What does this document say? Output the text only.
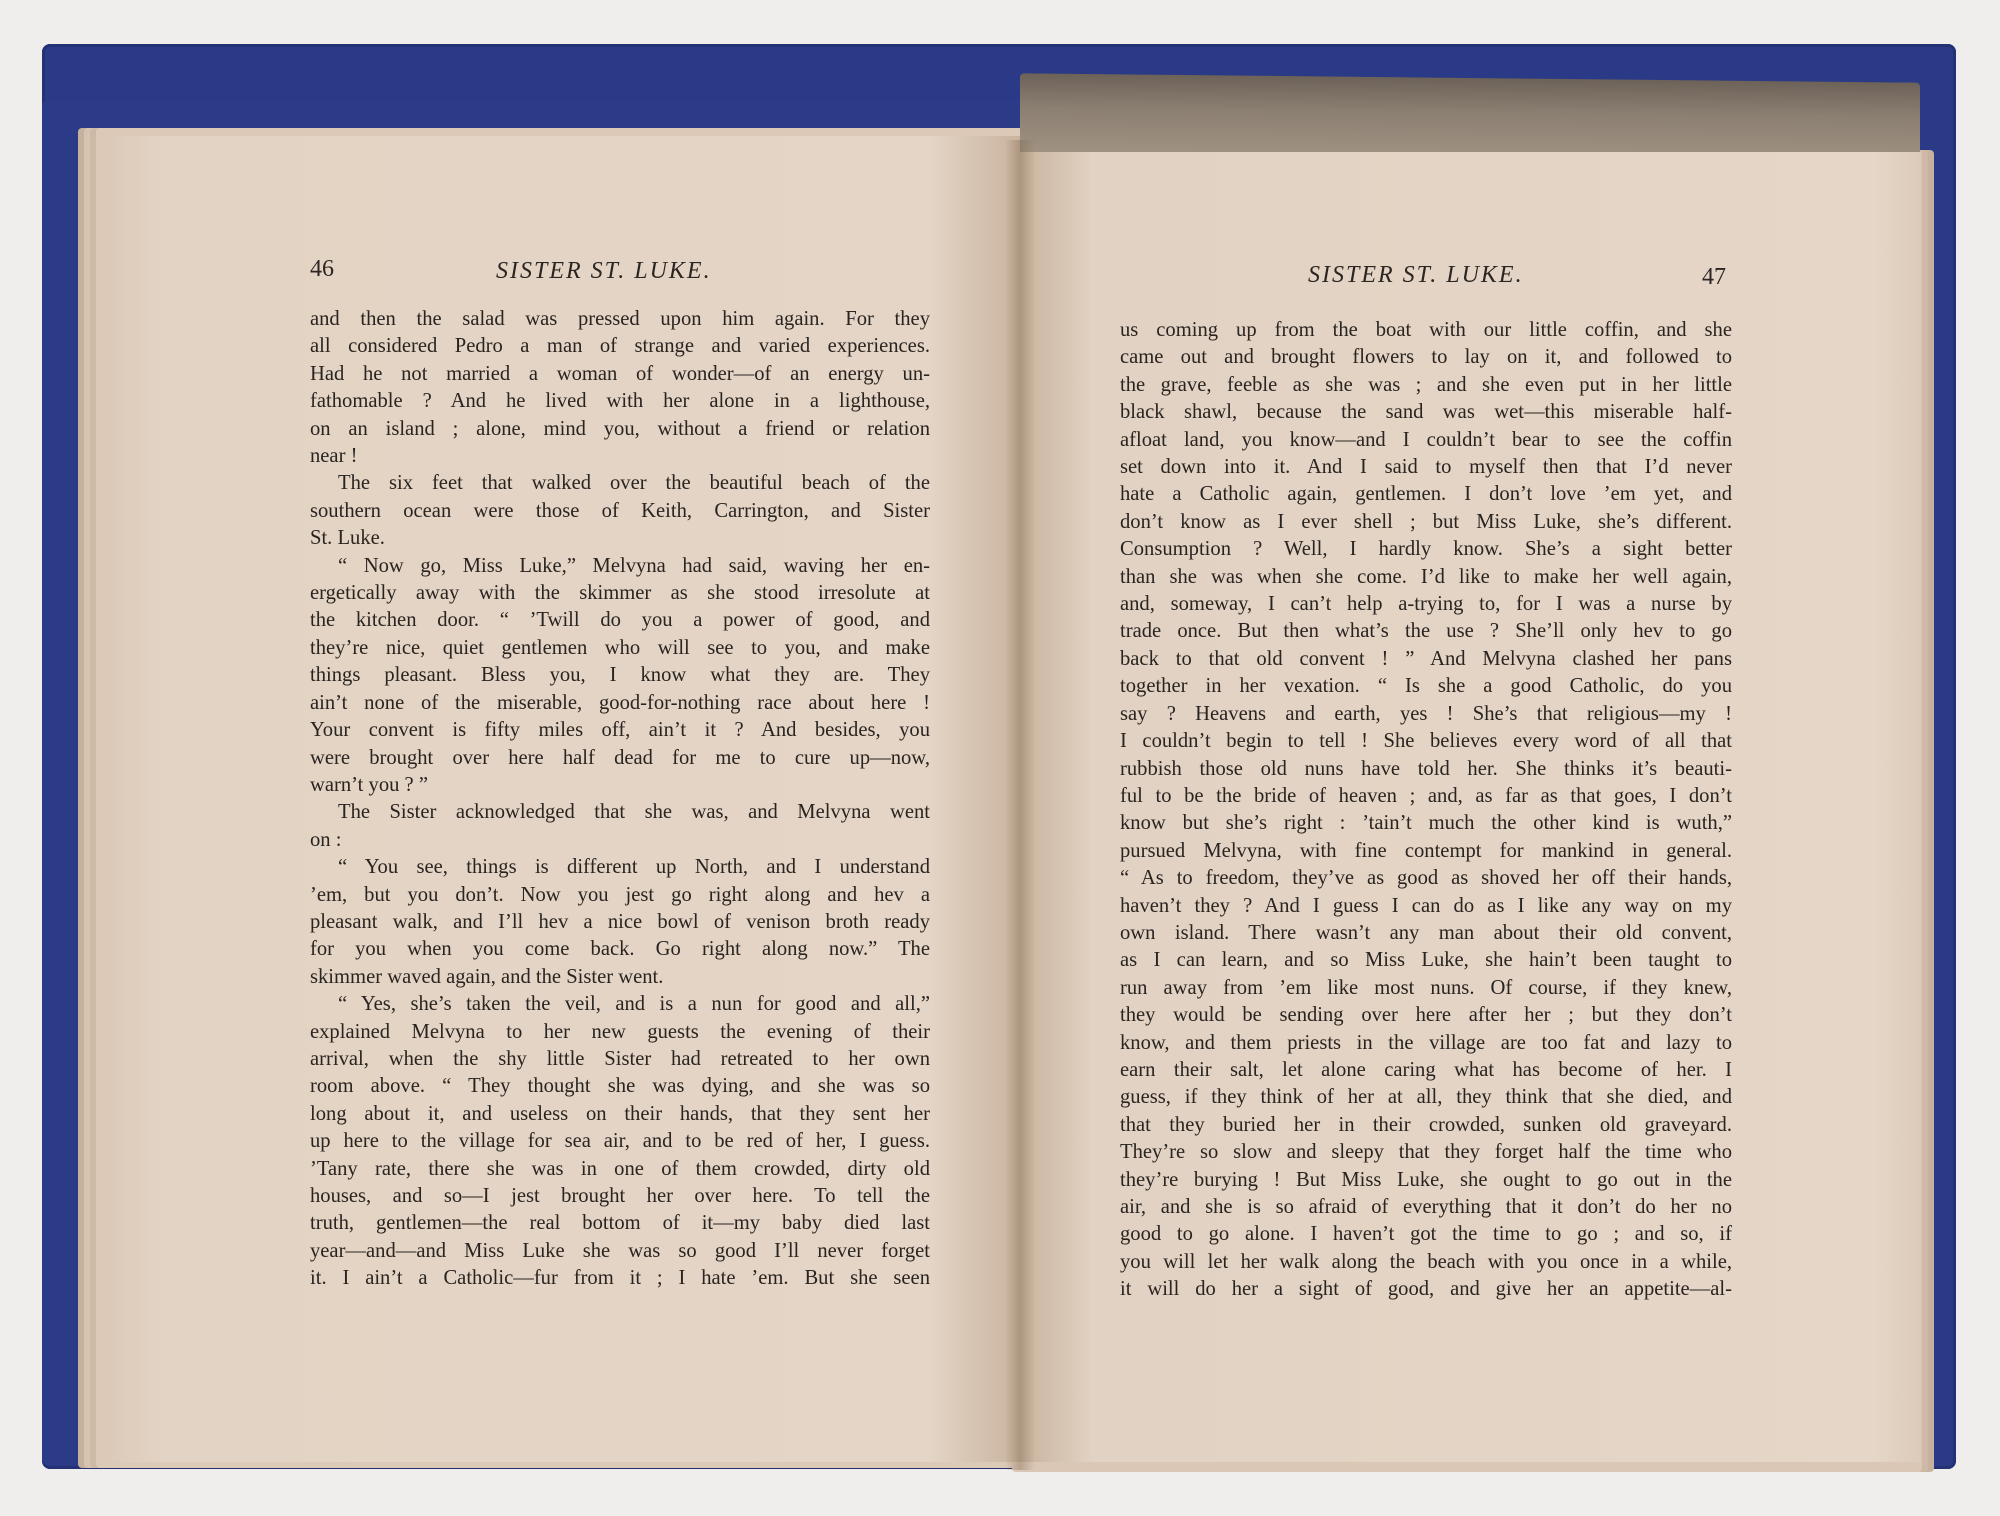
46	SISTER ST. LUKE.
and then the salad was pressed upon him again. For they
all considered Pedro a man of strange and varied experiences.
Had he not married a woman of wonder—of an energy un-
fathomable ? And he lived with her alone in a lighthouse,
on an island ; alone, mind you, without a friend or relation
near !
The six feet that walked over the beautiful beach of the
southern ocean were those of Keith, Carrington, and Sister
St. Luke.
“ Now go, Miss Luke,” Melvyna had said, waving her en-
ergetically away with the skimmer as she stood irresolute at
the kitchen door. “ ’Twill do you a power of good, and
they’re nice, quiet gentlemen who will see to you, and make
things pleasant. Bless you, I know what they are. They
ain’t none of the miserable, good-for-nothing race about here !
Your convent is fifty miles off, ain’t it ? And besides, you
were brought over here half dead for me to cure up—now,
warn’t you ? ”
The Sister acknowledged that she was, and Melvyna went
on :
“ You see, things is different up North, and I understand
’em, but you don’t. Now you jest go right along and hev a
pleasant walk, and I’ll hev a nice bowl of venison broth ready
for you when you come back. Go right along now.” The
skimmer waved again, and the Sister went.
“ Yes, she’s taken the veil, and is a nun for good and all,”
explained Melvyna to her new guests the evening of their
arrival, when the shy little Sister had retreated to her own
room above. “ They thought she was dying, and she was so
long about it, and useless on their hands, that they sent her
up here to the village for sea air, and to be red of her, I guess.
’Tany rate, there she was in one of them crowded, dirty old
houses, and so—I jest brought her over here. To tell the
truth, gentlemen—the real bottom of it—my baby died last
year—and—and Miss Luke she was so good I’ll never forget
it. I ain’t a Catholic—fur from it ; I hate ’em. But she seen
SISTER ST. LUKE.	47
us coming up from the boat with our little coffin, and she
came out and brought flowers to lay on it, and followed to
the grave, feeble as she was ; and she even put in her little
black shawl, because the sand was wet—this miserable half-
afloat land, you know—and I couldn’t bear to see the coffin
set down into it. And I said to myself then that I’d never
hate a Catholic again, gentlemen. I don’t love ’em yet, and
don’t know as I ever shell ; but Miss Luke, she’s different.
Consumption ? Well, I hardly know. She’s a sight better
than she was when she come. I’d like to make her well again,
and, someway, I can’t help a-trying to, for I was a nurse by
trade once. But then what’s the use ? She’ll only hev to go
back to that old convent ! ” And Melvyna clashed her pans
together in her vexation. “ Is she a good Catholic, do you
say ? Heavens and earth, yes ! She’s that religious—my !
I couldn’t begin to tell ! She believes every word of all that
rubbish those old nuns have told her. She thinks it’s beauti-
ful to be the bride of heaven ; and, as far as that goes, I don’t
know but she’s right : ’tain’t much the other kind is wuth,”
pursued Melvyna, with fine contempt for mankind in general.
“ As to freedom, they’ve as good as shoved her off their hands,
haven’t they ? And I guess I can do as I like any way on my
own island. There wasn’t any man about their old convent,
as I can learn, and so Miss Luke, she hain’t been taught to
run away from ’em like most nuns. Of course, if they knew,
they would be sending over here after her ; but they don’t
know, and them priests in the village are too fat and lazy to
earn their salt, let alone caring what has become of her. I
guess, if they think of her at all, they think that she died, and
that they buried her in their crowded, sunken old graveyard.
They’re so slow and sleepy that they forget half the time who
they’re burying ! But Miss Luke, she ought to go out in the
air, and she is so afraid of everything that it don’t do her no
good to go alone. I haven’t got the time to go ; and so, if
you will let her walk along the beach with you once in a while,
it will do her a sight of good, and give her an appetite—al-
